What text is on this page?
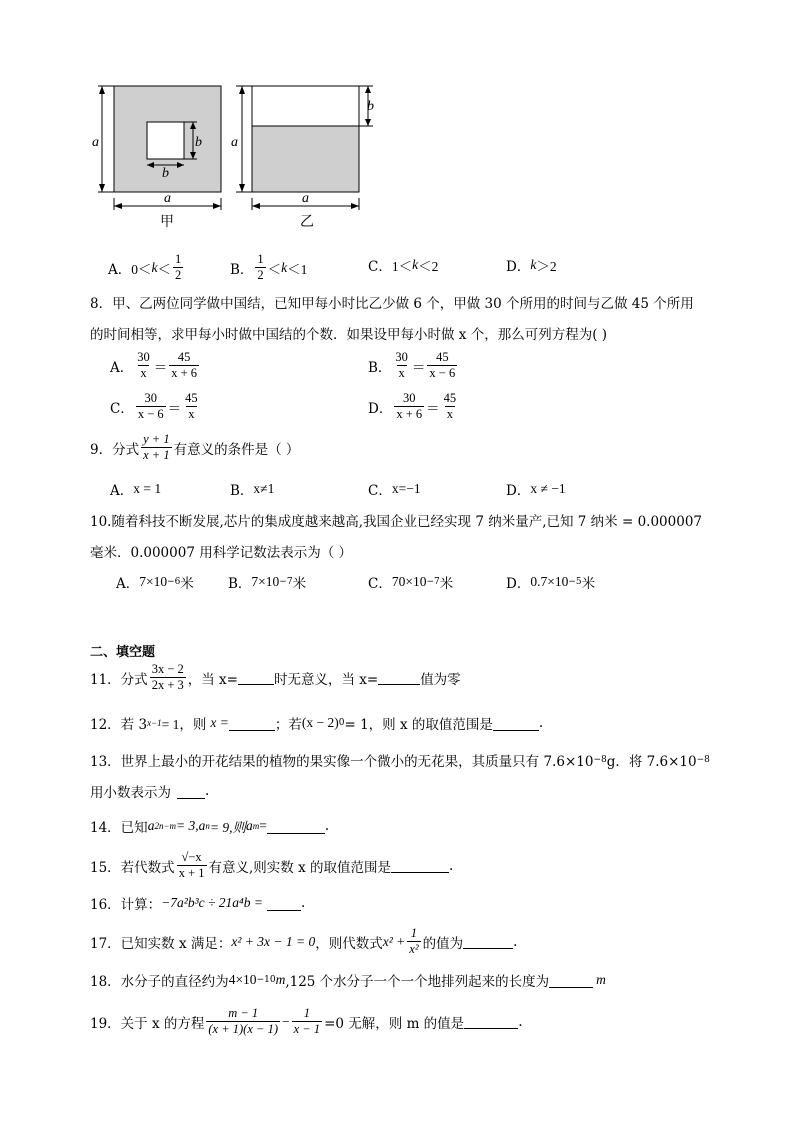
a	b
b
a
甲
a
b
a
乙
A． $0< k < \frac{1}{2}$	B． $\frac{1}{2} < k <1$	C． 1＜ k ＜2	D． k ＞2
8．甲、乙两位同学做中国结，已知甲每小时比乙少做 6 个，甲做 30 个所用的时间与乙做 45 个所用
的时间相等，求甲每小时做中国结的个数．如果设甲每小时做 x 个，那么可列方程为( )
A． $\frac{30}{x} = \frac{45}{x + 6}$	B． $\frac{30}{x} = \frac{45}{x - 6}$
C． $\frac{30}{x - 6} = \frac{45}{x}$	D． $\frac{30}{x + 6} = \frac{45}{x}$
9．分式 $\frac{y + 1}{x + 1}$ 有意义的条件是（ ）
A． x = 1	B． x≠1	C． x=−1	D． x ≠ −1
10.随着科技不断发展,芯片的集成度越来越高,我国企业已经实现 7 纳米量产,已知 7 纳米 = 0.000007
毫米．0.000007 用科学记数法表示为（ ）
A． 7×10 −6 米	B． 7×10 −7 米	C． 70×10 −7 米	D． 0.7×10 −5 米
二、填空题
11．分式 $\frac{3x - 2}{2x + 3}$ ，当 x=	时无意义，当 x=	值为零
12．若 3 x−1 = 1，则 x =	；若 (x − 2) 0 = 1，则 x 的取值范围是	.
13．世界上最小的开花结果的植物的果实像一个微小的无花果，其质量只有 7.6×10 −8 g．将 7.6×10 −8
用小数表示为	.
14．已知 a 2n−m = 3, a n = 9,则 a m =	.
15．若代数式 $\frac{√-x}{x + 1}$ 有意义,则实数 x 的取值范围是	.
16．计算： −7a²b³c ÷ 21a⁴b =	.
17．已知实数 x 满足： x² + 3x − 1 = 0 ，则代数式 $x^2 + \frac{1}{\text{x²}}$ 的值为	.
18．水分子的直径约为 4×10 −10 m ,125 个水分子一个一个地排列起来的长度为	m
19．关于 x 的方程 $\frac{m - 1}{(x + 1)(x - 1)} - \frac{1}{x - 1} =0$ 无解，则 m 的值是	.
